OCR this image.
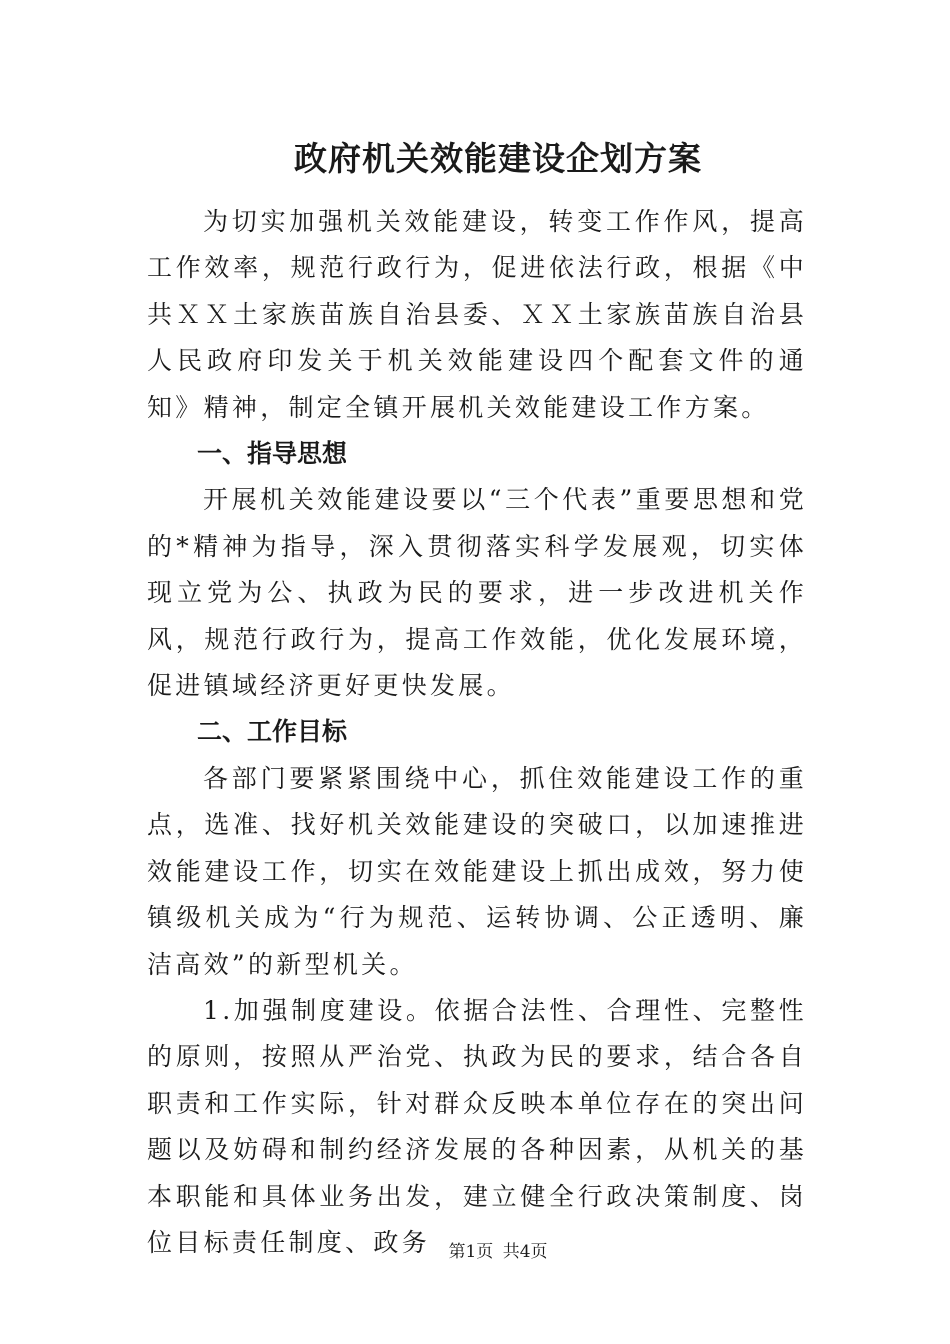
政府机关效能建设企划方案

为切实加强机关效能建设，转变工作作风，提高工作效率，规范行政行为，促进依法行政，根据《中共ＸＸ土家族苗族自治县委、ＸＸ土家族苗族自治县人民政府印发关于机关效能建设四个配套文件的通知》精神，制定全镇开展机关效能建设工作方案。

一、指导思想

开展机关效能建设要以“三个代表”重要思想和党的*精神为指导，深入贯彻落实科学发展观，切实体现立党为公、执政为民的要求，进一步改进机关作风，规范行政行为，提高工作效能，优化发展环境，促进镇域经济更好更快发展。

二、工作目标

各部门要紧紧围绕中心，抓住效能建设工作的重点，选准、找好机关效能建设的突破口，以加速推进效能建设工作，切实在效能建设上抓出成效，努力使镇级机关成为“行为规范、运转协调、公正透明、廉洁高效”的新型机关。

1.加强制度建设。依据合法性、合理性、完整性的原则，按照从严治党、执政为民的要求，结合各自职责和工作实际，针对群众反映本单位存在的突出问题以及妨碍和制约经济发展的各种因素，从机关的基本职能和具体业务出发，建立健全行政决策制度、岗位目标责任制度、政务	第1页 共4页
